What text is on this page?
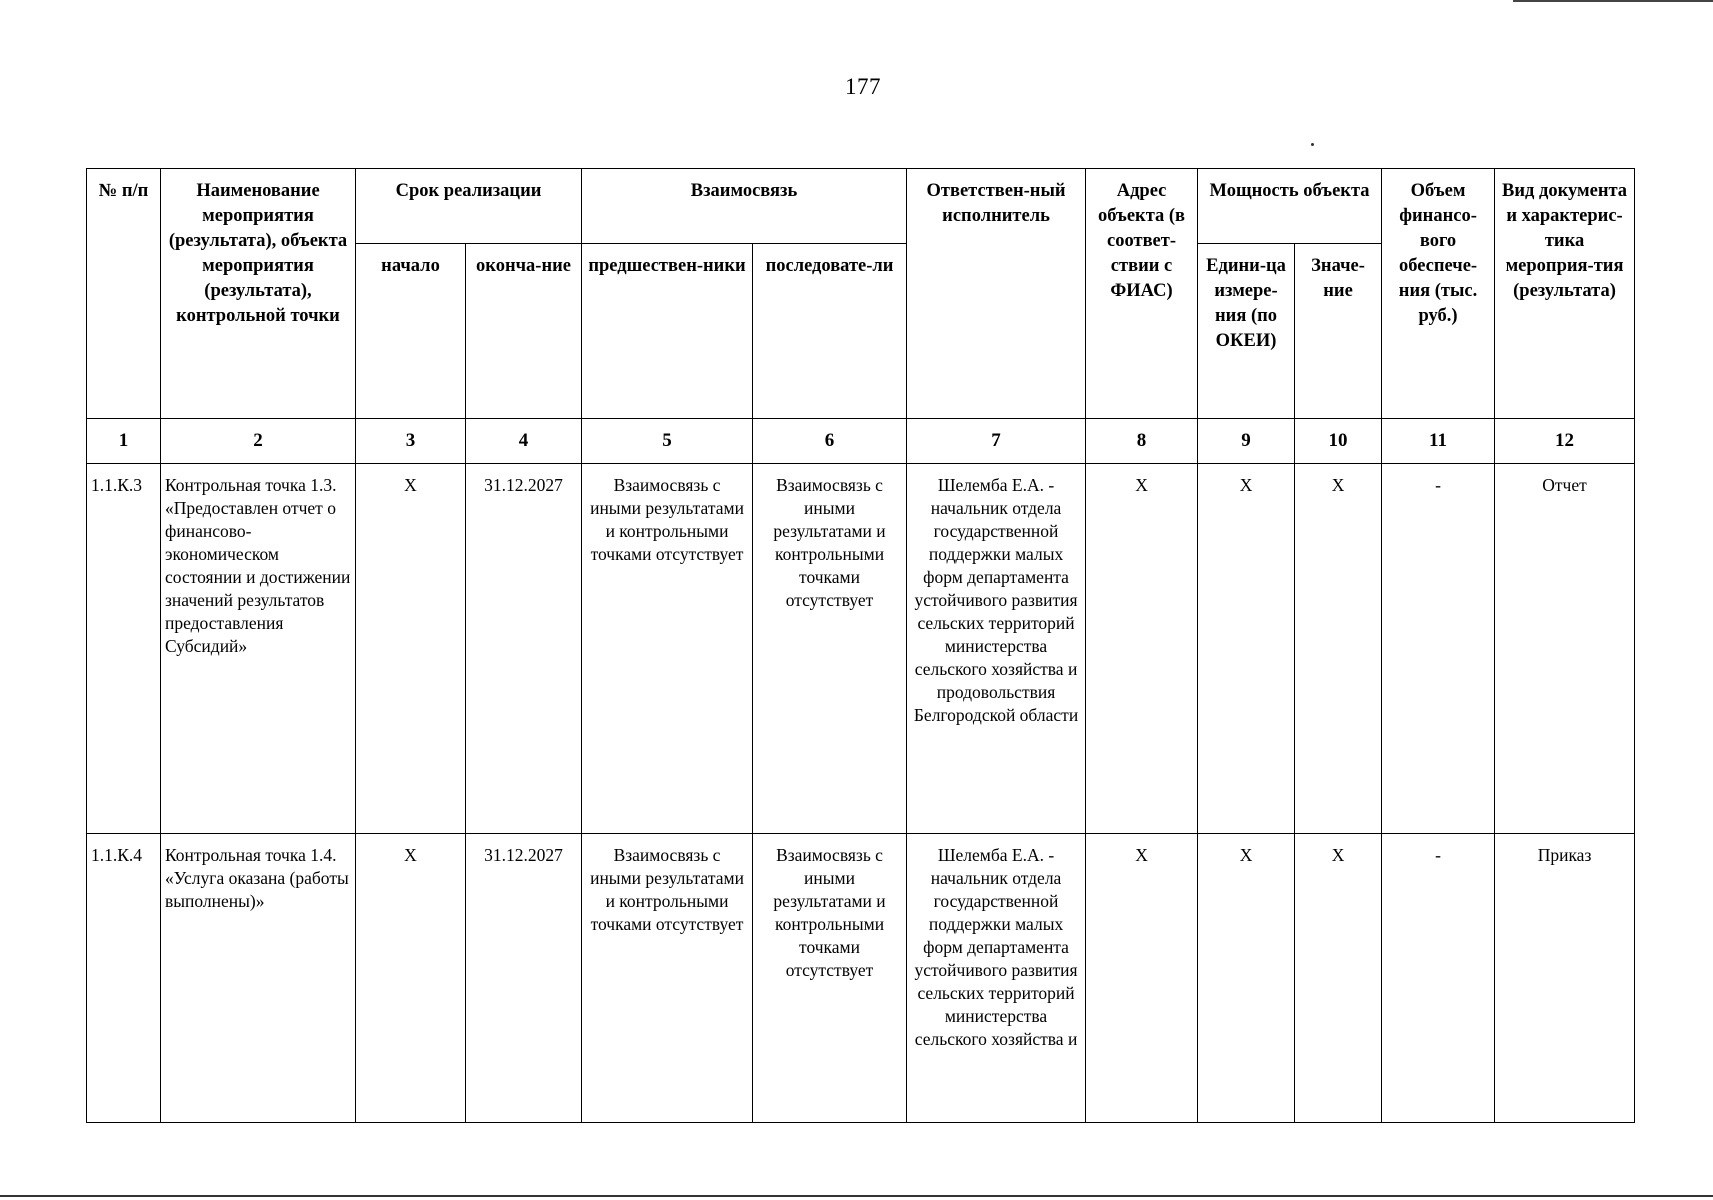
177
№ п/п	Наименование мероприятия (результата), объекта мероприятия (результата), контрольной точки	Срок реализации		Взаимосвязь		Ответствен-ный исполнитель	Адрес объекта (в соответ-ствии с ФИАС)	Мощность объекта		Объем финансо-вого обеспече-ния (тыс. руб.)	Вид документа и характерис-тика мероприя-тия (результата)
		начало	оконча-ние	предшествен-ники	последовате-ли			Едини-ца измере-ния (по ОКЕИ)	Значе-ние		
1	2	3	4	5	6	7	8	9	10	11	12
1.1.К.3	Контрольная точка 1.3. «Предоставлен отчет о финансово-экономическом состоянии и достижении значений результатов предоставления Субсидий»	Х	31.12.2027	Взаимосвязь с иными результатами и контрольными точками отсутствует	Взаимосвязь с иными результатами и контрольными точками отсутствует	Шелемба Е.А. - начальник отдела государственной поддержки малых форм департамента устойчивого развития сельских территорий министерства сельского хозяйства и продовольствия Белгородской области	Х	Х	Х	-	Отчет
1.1.К.4	Контрольная точка 1.4. «Услуга оказана (работы выполнены)»	Х	31.12.2027	Взаимосвязь с иными результатами и контрольными точками отсутствует	Взаимосвязь с иными результатами и контрольными точками отсутствует	Шелемба Е.А. - начальник отдела государственной поддержки малых форм департамента устойчивого развития сельских территорий министерства сельского хозяйства и	Х	Х	Х	-	Приказ
